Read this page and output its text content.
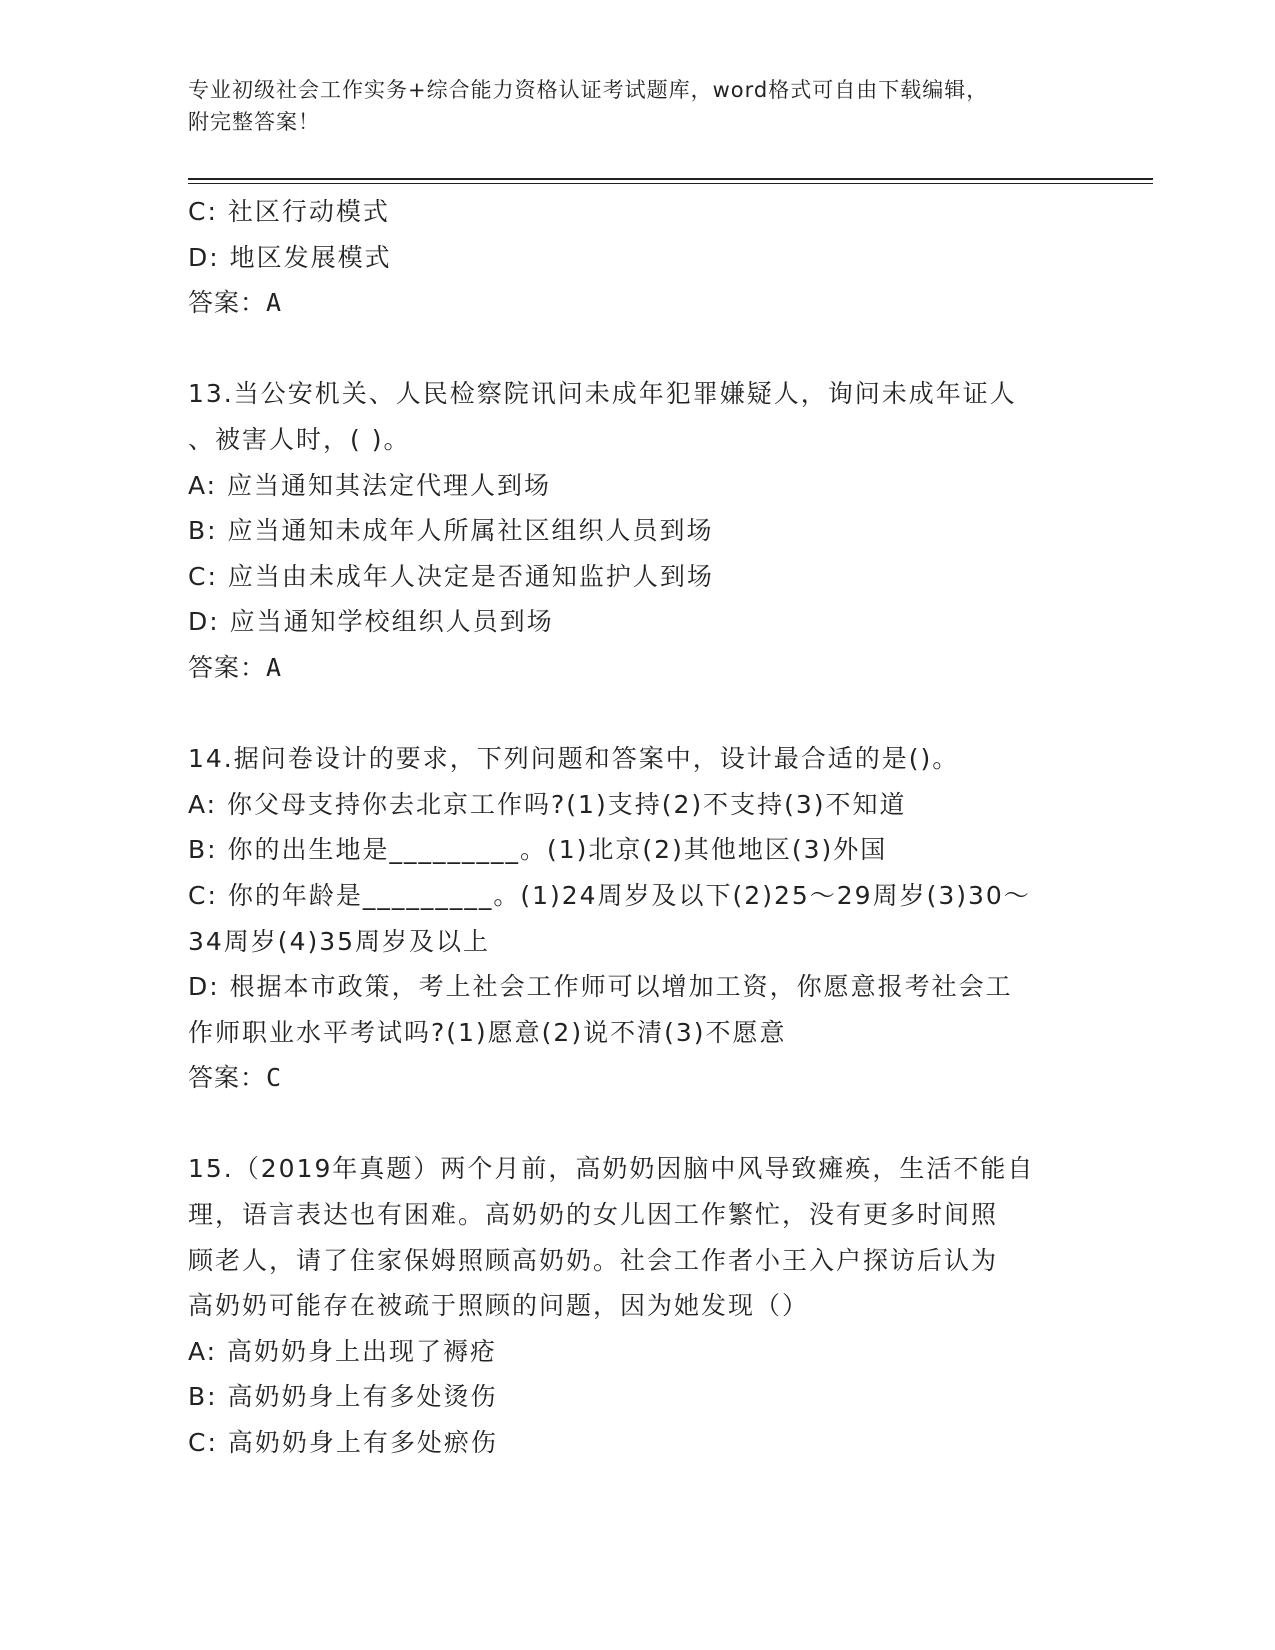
专业初级社会工作实务+综合能力资格认证考试题库，word格式可自由下载编辑，
附完整答案！
C: 社区行动模式
D: 地区发展模式
答案：A
13.当公安机关、人民检察院讯问未成年犯罪嫌疑人，询问未成年证人
、被害人时，( )。
A: 应当通知其法定代理人到场
B: 应当通知未成年人所属社区组织人员到场
C: 应当由未成年人决定是否通知监护人到场
D: 应当通知学校组织人员到场
答案：A
14.据问卷设计的要求，下列问题和答案中，设计最合适的是()。
A: 你父母支持你去北京工作吗?(1)支持(2)不支持(3)不知道
B: 你的出生地是_________。(1)北京(2)其他地区(3)外国
C: 你的年龄是_________。(1)24周岁及以下(2)25～29周岁(3)30～
34周岁(4)35周岁及以上
D: 根据本市政策，考上社会工作师可以增加工资，你愿意报考社会工
作师职业水平考试吗?(1)愿意(2)说不清(3)不愿意
答案：C
15.（2019年真题）两个月前，高奶奶因脑中风导致瘫痪，生活不能自
理，语言表达也有困难。高奶奶的女儿因工作繁忙，没有更多时间照
顾老人，请了住家保姆照顾高奶奶。社会工作者小王入户探访后认为
高奶奶可能存在被疏于照顾的问题，因为她发现（）
A: 高奶奶身上出现了褥疮
B: 高奶奶身上有多处烫伤
C: 高奶奶身上有多处瘀伤
